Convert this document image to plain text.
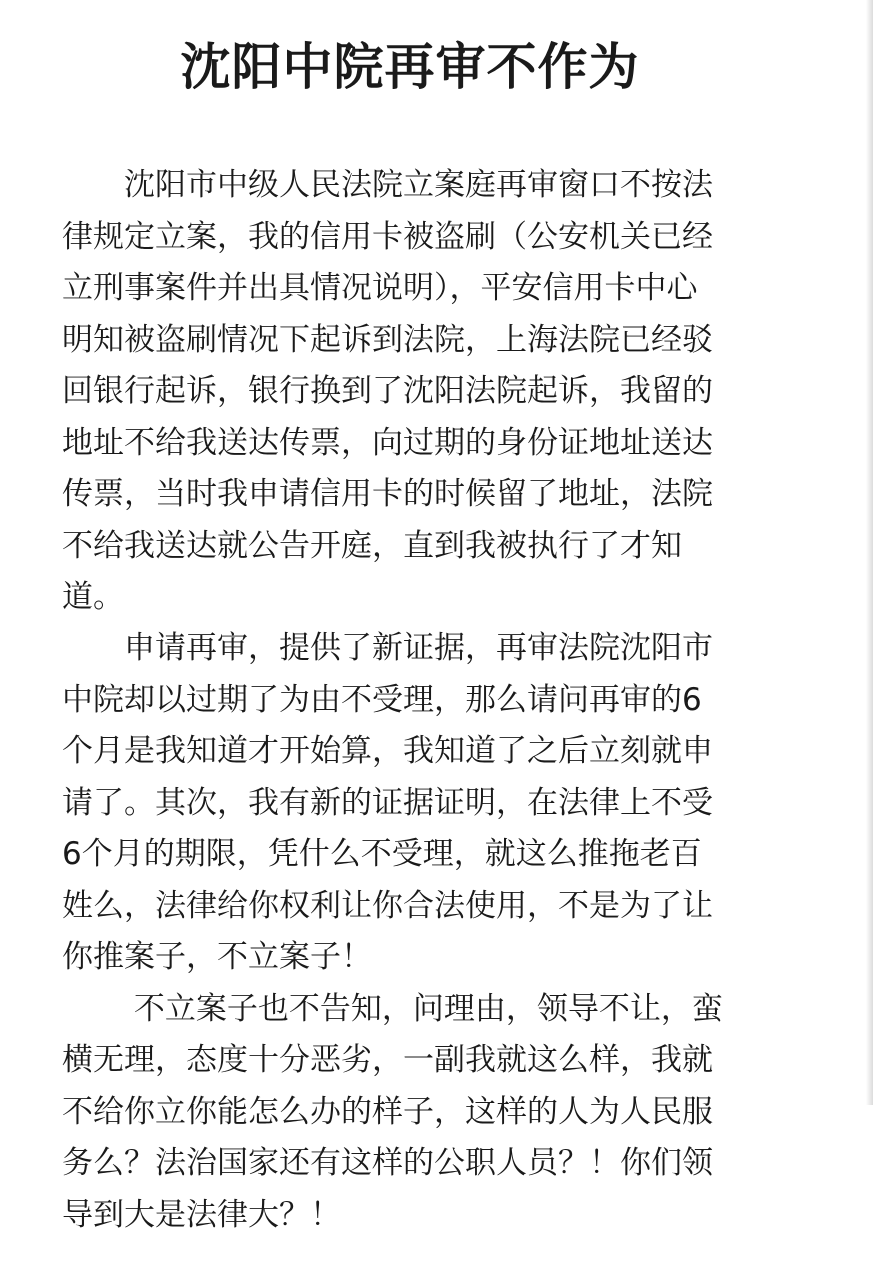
沈阳中院再审不作为
　　沈阳市中级人民法院立案庭再审窗口不按法
律规定立案，我的信用卡被盗刷（公安机关已经
立刑事案件并出具情况说明），平安信用卡中心
明知被盗刷情况下起诉到法院，上海法院已经驳
回银行起诉，银行换到了沈阳法院起诉，我留的
地址不给我送达传票，向过期的身份证地址送达
传票，当时我申请信用卡的时候留了地址，法院
不给我送达就公告开庭，直到我被执行了才知
道。
　　申请再审，提供了新证据，再审法院沈阳市
中院却以过期了为由不受理，那么请问再审的6
个月是我知道才开始算，我知道了之后立刻就申
请了。其次，我有新的证据证明，在法律上不受
6个月的期限，凭什么不受理，就这么推拖老百
姓么，法律给你权利让你合法使用，不是为了让
你推案子，不立案子！
　　 不立案子也不告知，问理由，领导不让，蛮
横无理，态度十分恶劣，一副我就这么样，我就
不给你立你能怎么办的样子，这样的人为人民服
务么？法治国家还有这样的公职人员？！你们领
导到大是法律大？！
